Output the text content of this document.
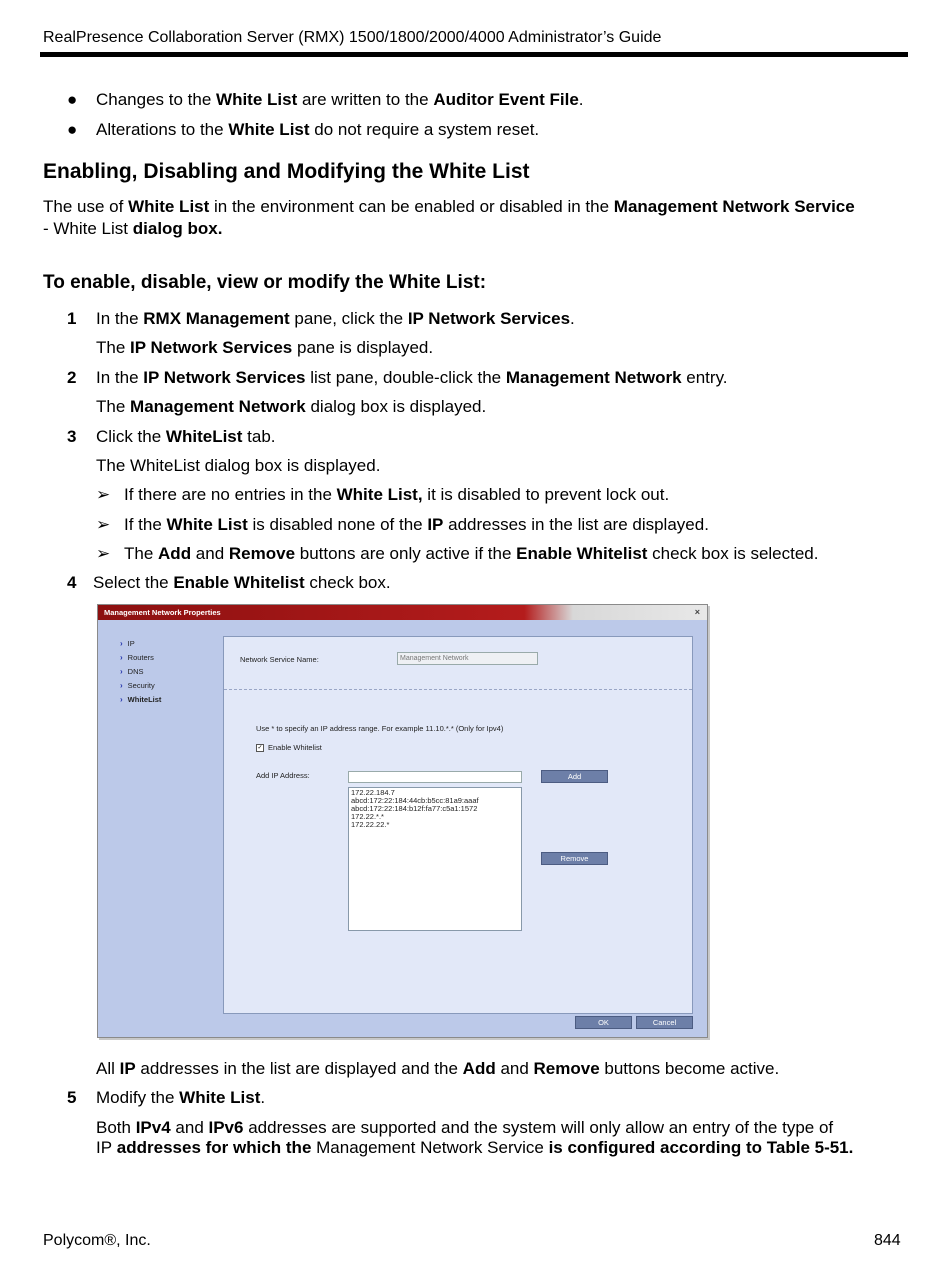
RealPresence Collaboration Server (RMX) 1500/1800/2000/4000 Administrator’s Guide
● Changes to the White List are written to the Auditor Event File.
● Alterations to the White List do not require a system reset.
Enabling, Disabling and Modifying the White List
The use of White List in the environment can be enabled or disabled in the Management Network Service
- White List dialog box.
To enable, disable, view or modify the White List:
1 In the RMX Management pane, click the IP Network Services.
The IP Network Services pane is displayed.
2 In the IP Network Services list pane, double-click the Management Network entry.
The Management Network dialog box is displayed.
3 Click the WhiteList tab.
The WhiteList dialog box is displayed.
➢ If there are no entries in the White List, it is disabled to prevent lock out.
➢ If the White List is disabled none of the IP addresses in the list are displayed.
➢ The Add and Remove buttons are only active if the Enable Whitelist check box is selected.
4 Select the Enable Whitelist check box.
Management Network Properties	×
› IP
› Routers
› DNS
› Security
› WhiteList
Network Service Name:	Management Network
Use * to specify an IP address range. For example 11.10.*.* (Only for Ipv4)
✓ Enable Whitelist
Add IP Address:	Add
172.22.184.7
abcd:172:22:184:44cb:b5cc:81a9:aaaf
abcd:172:22:184:b12f:fa77:c5a1:1572
172.22.*.*
172.22.22.*
Remove
OK	Cancel
All IP addresses in the list are displayed and the Add and Remove buttons become active.
5 Modify the White List.
Both IPv4 and IPv6 addresses are supported and the system will only allow an entry of the type of
IP addresses for which the Management Network Service is configured according to Table 5-51.
Polycom®, Inc.	844
